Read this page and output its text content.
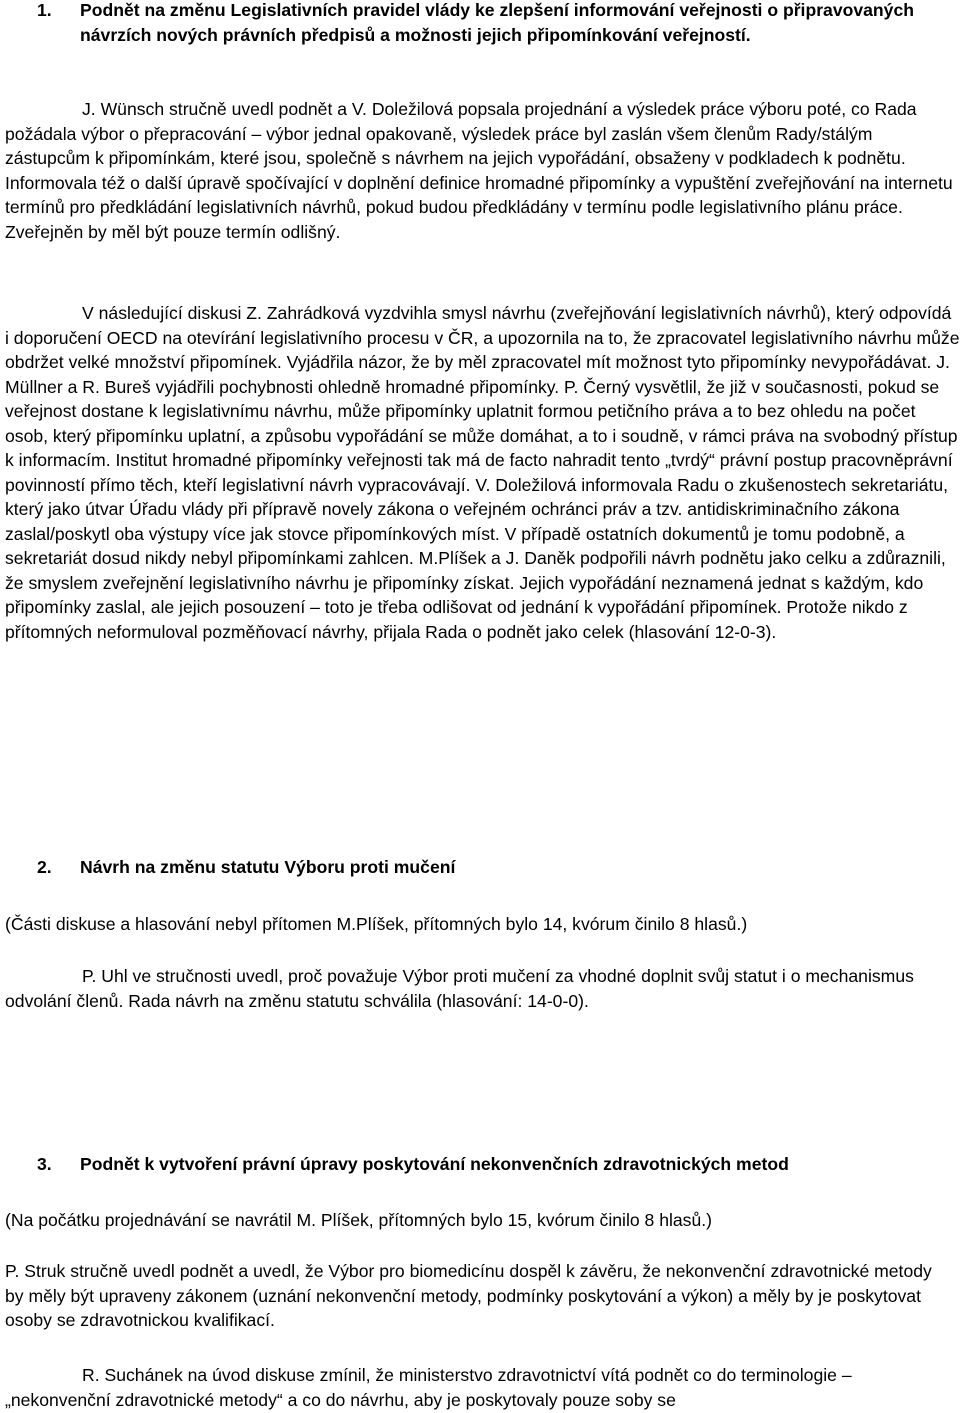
1. Podnět na změnu Legislativních pravidel vlády ke zlepšení informování veřejnosti o připravovaných návrzích nových právních předpisů a možnosti jejich připomínkování veřejností.

J. Wünsch stručně uvedl podnět a V. Doležilová popsala projednání a výsledek práce výboru poté, co Rada požádala výbor o přepracování – výbor jednal opakovaně, výsledek práce byl zaslán všem členům Rady/stálým zástupcům k připomínkám, které jsou, společně s návrhem na jejich vypořádání, obsaženy v podkladech k podnětu. Informovala též o další úpravě spočívající v doplnění definice hromadné připomínky a vypuštění zveřejňování na internetu termínů pro předkládání legislativních návrhů, pokud budou předkládány v termínu podle legislativního plánu práce. Zveřejněn by měl být pouze termín odlišný.

V následující diskusi Z. Zahrádková vyzdvihla smysl návrhu (zveřejňování legislativních návrhů), který odpovídá i doporučení OECD na otevírání legislativního procesu v ČR, a upozornila na to, že zpracovatel legislativního návrhu může obdržet velké množství připomínek. Vyjádřila názor, že by měl zpracovatel mít možnost tyto připomínky nevypořádávat. J. Müllner a R. Bureš vyjádřili pochybnosti ohledně hromadné připomínky. P. Černý vysvětlil, že již v současnosti, pokud se veřejnost dostane k legislativnímu návrhu, může připomínky uplatnit formou petičního práva a to bez ohledu na počet osob, který připomínku uplatní, a způsobu vypořádání se může domáhat, a to i soudně, v rámci práva na svobodný přístup k informacím. Institut hromadné připomínky veřejnosti tak má de facto nahradit tento „tvrdý“ právní postup pracovněprávní povinností přímo těch, kteří legislativní návrh vypracovávají. V. Doležilová informovala Radu o zkušenostech sekretariátu, který jako útvar Úřadu vlády při přípravě novely zákona o veřejném ochránci práv a tzv. antidiskriminačního zákona zaslal/poskytl oba výstupy více jak stovce připomínkových míst. V případě ostatních dokumentů je tomu podobně, a sekretariát dosud nikdy nebyl připomínkami zahlcen. M.Plíšek a J. Daněk podpořili návrh podnětu jako celku a zdůraznili, že smyslem zveřejnění legislativního návrhu je připomínky získat. Jejich vypořádání neznamená jednat s každým, kdo připomínky zaslal, ale jejich posouzení – toto je třeba odlišovat od jednání k vypořádání připomínek. Protože nikdo z přítomných neformuloval pozměňovací návrhy, přijala Rada o podnět jako celek (hlasování 12-0-3).

2. Návrh na změnu statutu Výboru proti mučení

(Části diskuse a hlasování nebyl přítomen M.Plíšek, přítomných bylo 14, kvórum činilo 8 hlasů.)

P. Uhl ve stručnosti uvedl, proč považuje Výbor proti mučení za vhodné doplnit svůj statut i o mechanismus odvolání členů. Rada návrh na změnu statutu schválila (hlasování: 14-0-0).

3. Podnět k vytvoření právní úpravy poskytování nekonvenčních zdravotnických metod

(Na počátku projednávání se navrátil M. Plíšek, přítomných bylo 15, kvórum činilo 8 hlasů.)

P. Struk stručně uvedl podnět a uvedl, že Výbor pro biomedicínu dospěl k závěru, že nekonvenční zdravotnické metody by měly být upraveny zákonem (uznání nekonvenční metody, podmínky poskytování a výkon) a měly by je poskytovat osoby se zdravotnickou kvalifikací.

R. Suchánek na úvod diskuse zmínil, že ministerstvo zdravotnictví vítá podnět co do terminologie – „nekonvenční zdravotnické metody“ a co do návrhu, aby je poskytovaly pouze soby se
